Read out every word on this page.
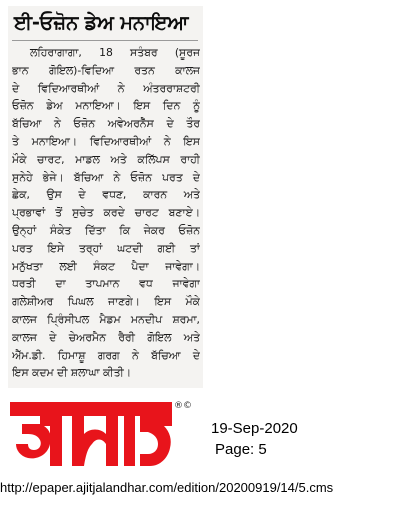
ਈ-ਓਜ਼ੋਨ ਡੇਅ ਮਨਾਇਆ
ਲਹਿਰਾਗਾਗਾ, 18 ਸਤੰਬਰ (ਸੂਰਜ
ਭਾਨ ਗੋਇਲ)-ਵਿਦਿਆ ਰਤਨ ਕਾਲਜ
ਦੇ ਵਿਦਿਆਰਥੀਆਂ ਨੇ ਅੰਤਰਰਾਸ਼ਟਰੀ
ਓਜ਼ੋਨ ਡੇਅ ਮਨਾਇਆ। ਇਸ ਦਿਨ ਨੂੰ
ਬੱਚਿਆ ਨੇ ਓਜ਼ੋਨ ਅਵੇਅਰਨੈੱਸ ਦੇ ਤੌਰ
ਤੇ ਮਨਾਇਆ। ਵਿਦਿਆਰਥੀਆਂ ਨੇ ਇਸ
ਮੌਕੇ ਚਾਰਟ, ਮਾਡਲ ਅਤੇ ਕਲਿੱਪਸ ਰਾਹੀ
ਸੁਨੇਹੇ ਭੇਜੇ। ਬੱਚਿਆ ਨੇ ਓਜ਼ੋਨ ਪਰਤ ਦੇ
ਛੇਕ, ਉਸ ਦੇ ਵਧਣ, ਕਾਰਨ ਅਤੇ
ਪ੍ਰਭਾਵਾਂ ਤੋਂ ਸੁਚੇਤ ਕਰਦੇ ਚਾਰਟ ਬਣਾਏ।
ਉਨ੍ਹਾਂ ਸੰਕੇਤ ਦਿੱਤਾ ਕਿ ਜੇਕਰ ਓਜ਼ੋਨ
ਪਰਤ ਇਸੇ ਤਰ੍ਹਾਂ ਘਟਦੀ ਗਈ ਤਾਂ
ਮਨੁੱਖਤਾ ਲਈ ਸੰਕਟ ਪੈਦਾ ਜਾਵੇਗਾ।
ਧਰਤੀ ਦਾ ਤਾਪਮਾਨ ਵਧ ਜਾਵੇਗਾ
ਗਲੇਸ਼ੀਅਰ ਪਿਘਲ ਜਾਣਗੇ। ਇਸ ਮੌਕੇ
ਕਾਲਜ ਪ੍ਰਿੰਸੀਪਲ ਮੈਡਮ ਮਨਦੀਪ ਸ਼ਰਮਾ,
ਕਾਲਜ ਦੇ ਚੇਅਰਮੈਨ ਰੈਰੀ ਗੋਇਲ ਅਤੇ
ਐੱਮ.ਡੀ. ਹਿਮਾਸ਼ੂ ਗਰਗ ਨੇ ਬੱਚਿਆ ਦੇ
ਇਸ ਕਦਮ ਦੀ ਸ਼ਲਾਘਾ ਕੀਤੀ।
ਅਜੀਤ
®©
19-Sep-2020
Page: 5
http://epaper.ajitjalandhar.com/edition/20200919/14/5.cms
